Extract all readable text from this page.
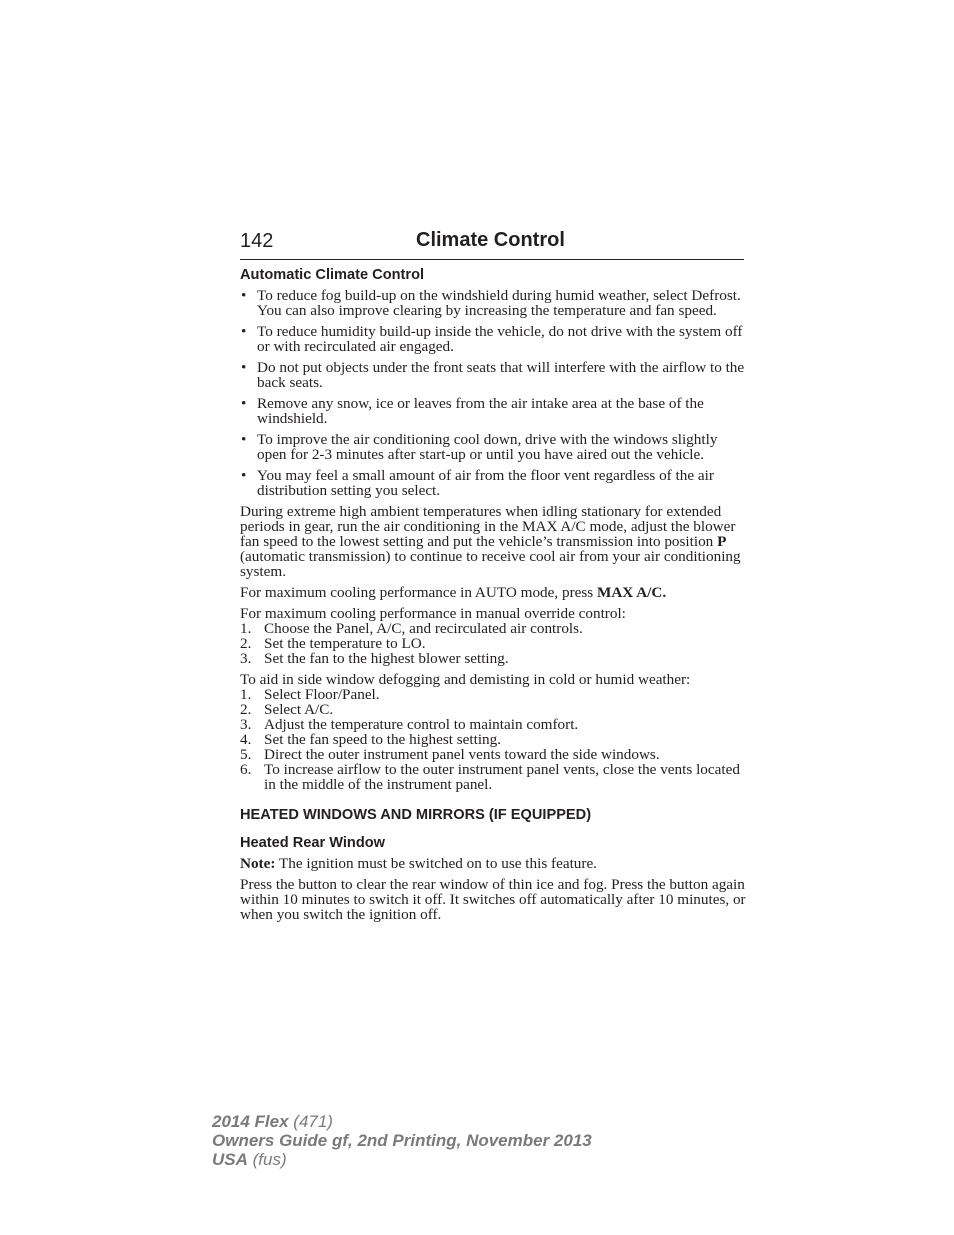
142	Climate Control
Automatic Climate Control
• To reduce fog build-up on the windshield during humid weather, select Defrost. You can also improve clearing by increasing the temperature and fan speed.
• To reduce humidity build-up inside the vehicle, do not drive with the system off or with recirculated air engaged.
• Do not put objects under the front seats that will interfere with the airflow to the back seats.
• Remove any snow, ice or leaves from the air intake area at the base of the windshield.
• To improve the air conditioning cool down, drive with the windows slightly open for 2-3 minutes after start-up or until you have aired out the vehicle.
• You may feel a small amount of air from the floor vent regardless of the air distribution setting you select.

During extreme high ambient temperatures when idling stationary for extended periods in gear, run the air conditioning in the MAX A/C mode, adjust the blower fan speed to the lowest setting and put the vehicle’s transmission into position P (automatic transmission) to continue to receive cool air from your air conditioning system.

For maximum cooling performance in AUTO mode, press MAX A/C.

For maximum cooling performance in manual override control:
1. Choose the Panel, A/C, and recirculated air controls.
2. Set the temperature to LO.
3. Set the fan to the highest blower setting.
To aid in side window defogging and demisting in cold or humid weather:
1. Select Floor/Panel.
2. Select A/C.
3. Adjust the temperature control to maintain comfort.
4. Set the fan speed to the highest setting.
5. Direct the outer instrument panel vents toward the side windows.
6. To increase airflow to the outer instrument panel vents, close the vents located in the middle of the instrument panel.
HEATED WINDOWS AND MIRRORS (IF EQUIPPED)
Heated Rear Window

Note: The ignition must be switched on to use this feature.

Press the button to clear the rear window of thin ice and fog. Press the button again within 10 minutes to switch it off. It switches off automatically after 10 minutes, or when you switch the ignition off.

2014 Flex (471)
Owners Guide gf, 2nd Printing, November 2013
USA (fus)
